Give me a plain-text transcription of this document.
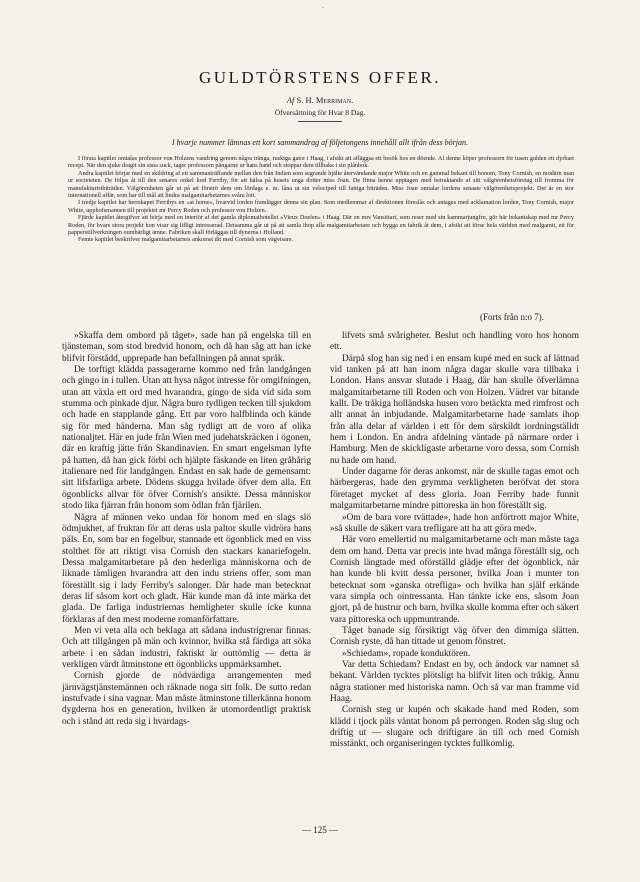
ˊ
GULDTÖRSTENS OFFER.
Af S. H. Merriman.
Öfversättning för Hvar 8 Dag.
I hvarje nummer lämnas ett kort sammandrag af följetongens innehåll allt ifrån dess början.

I första kapitlet omtalas professor von Holzens vandring genom några tränga, ruskiga gator i Haag, i afsikt att afläggsa ett besök hos en döende. Af denne köper professorn för tusen gulden ett dyrbart recept. När den sjuke dragit sin sista suck, tager professorn pängarne ur hans hand och stoppar dem tillbaka i sin plånbok.

Andra kapitlet börjar med en skildring af ett sammanträffande mellan den från Indien som segrande hjälte återvändande major White och en gammal bekant till honom, Tony Cornish, en modärn man ur societeten. De följas åt till den senares onkel lord Ferriby, för att hälsa på husets unga dotter miss Joan. De finna henne upptagen med betraktande af sitt välgörenhetsföretag till fromma för manufakturistbiträden. Välgörenheten går ut på att förströ dem om lördags e. m. låna ut sin velociped till fattiga biträden. Miss Joan omtalar lordens senaste välgörenhetsprojekt. Det är en stor internationell affär, som har till mål att lindra malgamitarbetarnes svåra lott.

I tredje kapitlet har herrskapet Ferribys en »at home», hvarvid lorden framlägger denna sin plan. Som medlemmar af direktionen föreslås och antages med acklamation lorden, Tony Cornish, major White, upphofsmannen till projektet mr Percy Roden och professor von Holzen.

Fjärde kapitlet återgifver att börja med en interiör af det gamla diplomathotellet »Vieux Doelen» i Haag. Där en mrs Vansittart, som reser med sin kammarjungfru, gör här bekantskap med mr Percy Roden, för hvars stora projekt hon visar sig lifligt intresserad. Detsamma går ut på att samla ihop alla malgamitarbetare och bygga en fabrik åt dem, i afsikt att förse hela världen med malgamit, ett för papperstillverkningen oumbärligt ämne. Fabriken skall förläggas till dynerna i Holland.

Femte kapitlet beskrifver malgamitarbetarnes ankomst dit med Cornish som vägvisare.

(Forts från n:o 7).

»Skaffa dem ombord på tåget», sade han på engelska till en tjänsteman, som stod bredvid honom, och då han såg att han icke blifvit förstådd, upprepade han befallningen på annat språk.

De torftigt klädda passagerarne kommo ned från landgången och gingo in i tullen. Utan att hysa något intresse för omgifningen, utan att växla ett ord med hvarandra, gingo de sida vid sida som stumma och pinkade djur. Några buro tydligen tecken till sjukdom och hade en stapplande gång. Ett par voro halfblinda och kände sig för med händerna. Man såg tydligt att de voro af olika nationaljtet. Här en jude från Wien med judehatskräcken i ögonen, där en kraftig jätte från Skandinavien. En smart engelsman lyfte på hatten, då han gick förbi och hjälpte fäskande en liten gråhårig italienare ned för landgången. Endast en sak hade de gemensamt: sitt lifsfarliga arbete. Dödens skugga hvilade öfver dem alla. Ett ögonblicks allvar för öfver Cornish's ansikte. Dessa människor stodo lika fjärran från honom som ödlan från fjärilen.

Några af männen veko undan för honom med en slags slö ödmjukhet, af fruktan för att deras usla paltor skulle vidröra hans päls. En, som bar en fogelbur, stannade ett ögonblick med en viss stolthet för att riktigt visa Cornish den stackars kanariefogeln. Dessa malgamitarbetare på den hederliga människorna och de liknade tämligen hvarandra att den indu striens offer, som man föreställt sig i lady Ferriby's salonger. Där hade man betecknat deras lif såsom kort och gladt. Här kunde man då inte märka det glada. De farliga industriernas hemligheter skulle icke kunna förklaras af den mest moderne romanförfattare.

Men vi veta alla och beklaga att sådana industrigrenar finnas. Och att tillgången på män och kvinnor, hvilka stå färdiga att söka arbete i en sådan industri, faktiskt är outtömlig — detta är verkligen värdt åtminstone ett ögonblicks uppmärksamhet.

Cornish gjorde de nödvärdiga arrangementen med järnvägstjänstemännen och räknade noga sitt folk. De sutto redan instufvade i sina vagnar. Man måste åtminstone tillerkänna honom dygderna hos en generation, hvilken är utomordentligt praktisk och i stånd att reda sig i hvardags-

lifvets små svårigheter. Beslut och handling voro hos honom ett.

Därpå slog han sig ned i en ensam kupé med en suck af lättnad vid tanken på att han inom några dagar skulle vara tillbaka i London. Hans ansvar slutade i Haag, där han skulle öfverlämna malgamitarbetarne till Roden och von Holzen. Vädret var bitande kallt. De tråkiga holländska husen voro betäckta med rimfrost och allt annat än inbjudande. Malgamitarbetarne hade samlats ihop från alla delar af världen i ett för dem särskildt iordningställdt hem i London. En andra afdelning väntade på närmare order i Hamburg. Men de skickligaste arbetarne voro dessa, som Cornish nu hade om hand.

Under dagarne för deras ankomst, när de skulle tagas emot och härbergeras, hade den grymma verkligheten beröfvat det stora företaget mycket af dess gloria. Joan Ferriby hade funnit malgamitarbetarne mindre pittoreska än hon föreställt sig.

»Om de bara vore tvättade», hade hon anförtrott major White, »så skulle de säkert vara trefligare att ha att göra med».

Här voro emellertid nu malgamitarbetarne och man måste taga dem om hand. Detta var precis inte hvad många föreställt sig, och Cornish längtade med oförställd glädje efter det ögonblick, när han kunde bli kvitt dessa personer, hvilka Joan i munter ton betecknat som »ganska otrefliga» och hvilka han själf erkände vara simpla och ointressanta. Han tänkte icke ens, såsom Joan gjort, på de hustrur och barn, hvilka skulle komma efter och säkert vara pittoreska och uppmuntrande.

Tåget banade sig försiktigt väg öfver den dimmiga slätten. Cornish ryste, då han tittade ut genom fönstret.

»Schiedam», ropade konduktören.

Var detta Schiedam? Endast en by, och ändock var namnet så bekant. Världen tycktes plötsligt ha blifvit liten och tråkig. Ännu några stationer med historiska namn. Och så var man framme vid Haag.

Cornish steg ur kupén och skakade hand med Roden, som klädd i tjock päls väntat honom på perrongen. Roden såg slug och driftig ut — slugare och driftigare än till och med Cornish misstänkt, och organiseringen tycktes fullkomlig.

— 125 —
